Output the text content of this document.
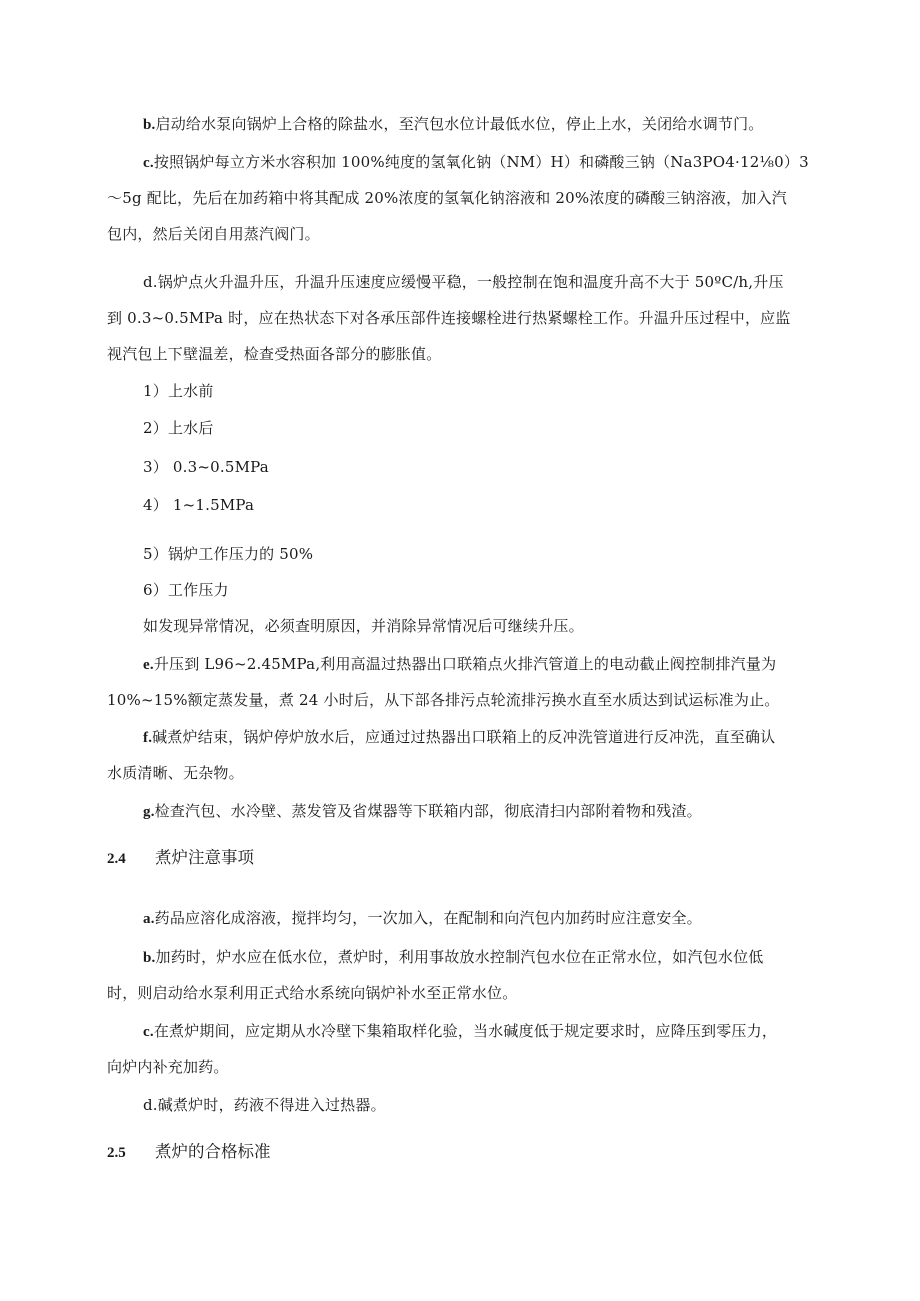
b.启动给水泵向锅炉上合格的除盐水，至汽包水位计最低水位，停止上水，关闭给水调节门。
c.按照锅炉每立方米水容积加 100%纯度的氢氧化钠（NM）H）和磷酸三钠（Na3PO4·12⅛0）3
～5g 配比，先后在加药箱中将其配成 20%浓度的氢氧化钠溶液和 20%浓度的磷酸三钠溶液，加入汽
包内，然后关闭自用蒸汽阀门。
d.锅炉点火升温升压，升温升压速度应缓慢平稳，一般控制在饱和温度升高不大于 50ºC/h,升压
到 0.3~0.5MPa 时，应在热状态下对各承压部件连接螺栓进行热紧螺栓工作。升温升压过程中，应监
视汽包上下壁温差，检查受热面各部分的膨胀值。
1）上水前
2）上水后
3） 0.3~0.5MPa
4） 1~1.5MPa
5）锅炉工作压力的 50%
6）工作压力
如发现异常情况，必须查明原因，并消除异常情况后可继续升压。
e.升压到 L96~2.45MPa,利用高温过热器出口联箱点火排汽管道上的电动截止阀控制排汽量为
10%~15%额定蒸发量，煮 24 小时后，从下部各排污点轮流排污换水直至水质达到试运标准为止。
f.碱煮炉结束，锅炉停炉放水后，应通过过热器出口联箱上的反冲洗管道进行反冲洗，直至确认
水质清晰、无杂物。
g.检查汽包、水冷壁、蒸发管及省煤器等下联箱内部，彻底清扫内部附着物和残渣。
2.4 煮炉注意事项
a.药品应溶化成溶液，搅拌均匀，一次加入，在配制和向汽包内加药时应注意安全。
b.加药时，炉水应在低水位，煮炉时，利用事故放水控制汽包水位在正常水位，如汽包水位低
时，则启动给水泵利用正式给水系统向锅炉补水至正常水位。
c.在煮炉期间，应定期从水冷壁下集箱取样化验，当水碱度低于规定要求时，应降压到零压力，
向炉内补充加药。
d.碱煮炉时，药液不得进入过热器。
2.5 煮炉的合格标准
